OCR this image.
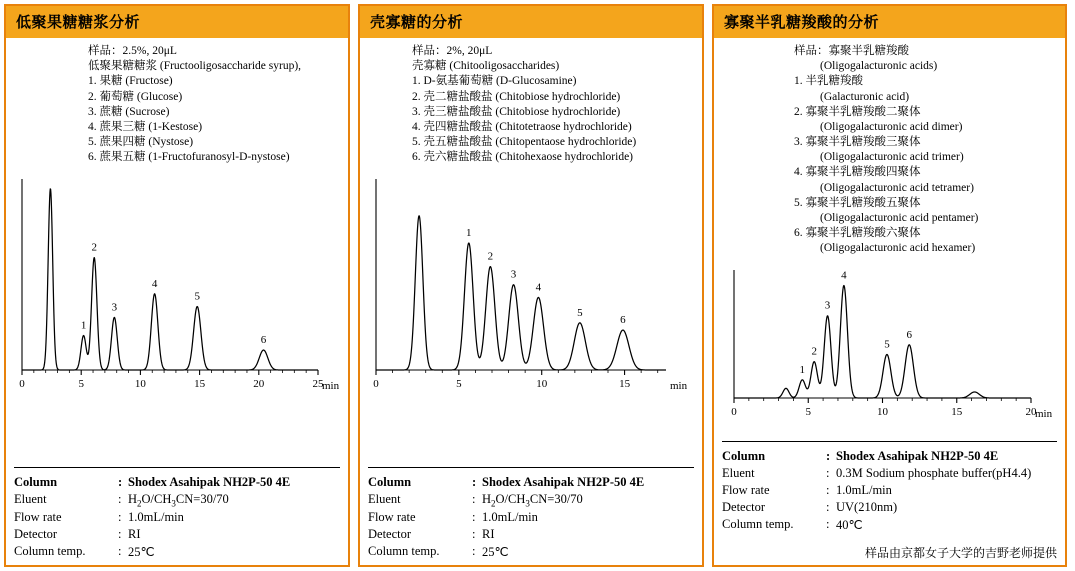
低聚果糖糖浆分析
样品：2.5%, 20μL
低聚果糖糖浆 (Fructooligosaccharide syrup),
1. 果糖 (Fructose)
2. 葡萄糖 (Glucose)
3. 蔗糖 (Sucrose)
4. 蔗果三糖 (1-Kestose)
5. 蔗果四糖 (Nystose)
6. 蔗果五糖 (1-Fructofuranosyl-D-nystose)
0	5	10	15	20	25
min
1
2
3
4
5
6
Column	:	Shodex Asahipak NH2P-50 4E
Eluent	:	$H_2O/CH_3CN=30/70$
Flow rate	:	1.0mL/min
Detector	:	RI
Column temp.	:	25℃
壳寡糖的分析
样品：2%, 20μL
壳寡糖 (Chitooligosaccharides)
1. D-氨基葡萄糖 (D-Glucosamine)
2. 壳二糖盐酸盐 (Chitobiose hydrochloride)
3. 壳三糖盐酸盐 (Chitobiose hydrochloride)
4. 壳四糖盐酸盐 (Chitotetraose hydrochloride)
5. 壳五糖盐酸盐 (Chitopentaose hydrochloride)
6. 壳六糖盐酸盐 (Chitohexaose hydrochloride)
0	5	10	15	min
1
2
3
4
5
6
Column	:	Shodex Asahipak NH2P-50 4E
Eluent	:	$H_2O/CH_3CN=30/70$
Flow rate	:	1.0mL/min
Detector	:	RI
Column temp.	:	25℃
寡聚半乳糖羧酸的分析
样品：寡聚半乳糖羧酸
(Oligogalacturonic acids)
1. 半乳糖羧酸
(Galacturonic acid)
2. 寡聚半乳糖羧酸二聚体
(Oligogalacturonic acid dimer)
3. 寡聚半乳糖羧酸三聚体
(Oligogalacturonic acid trimer)
4. 寡聚半乳糖羧酸四聚体
(Oligogalacturonic acid tetramer)
5. 寡聚半乳糖羧酸五聚体
(Oligogalacturonic acid pentamer)
6. 寡聚半乳糖羧酸六聚体
(Oligogalacturonic acid hexamer)
0	5	10	15	20
min
1
2
3
4
5
6
Column	:	Shodex Asahipak NH2P-50 4E
Eluent	:	0.3M Sodium phosphate buffer(pH4.4)
Flow rate	:	1.0mL/min
Detector	:	UV(210nm)
Column temp.	:	40℃
样品由京都女子大学的吉野老师提供
